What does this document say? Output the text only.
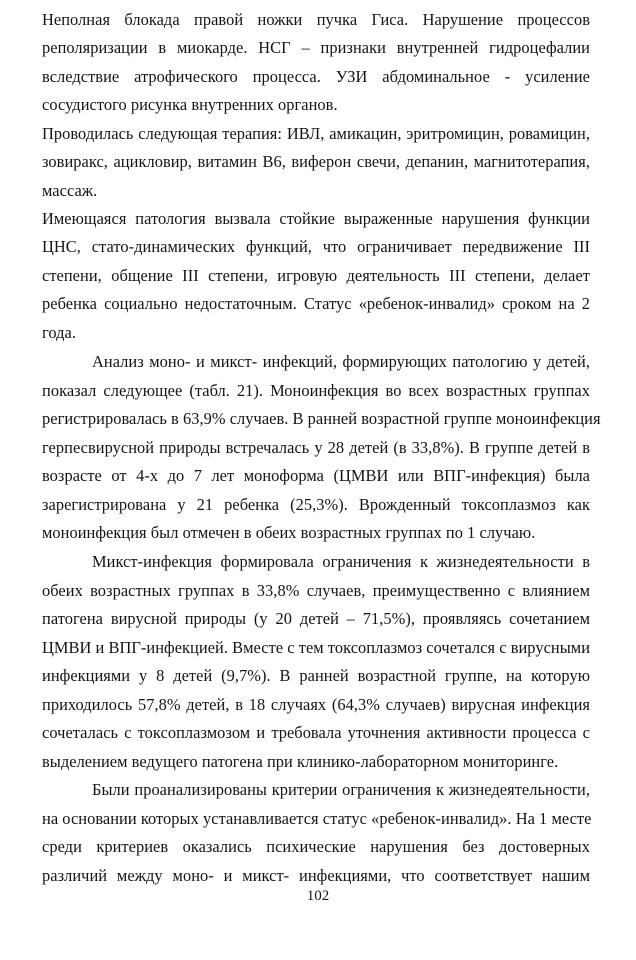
Неполная блокада правой ножки пучка Гиса. Нарушение процессов
реполяризации в миокарде. НСГ – признаки внутренней гидроцефалии
вследствие атрофического процесса. УЗИ абдоминальное - усиление
сосудистого рисунка внутренних органов.
Проводилась следующая терапия: ИВЛ, амикацин, эритромицин, ровамицин,
зовиракс, ацикловир, витамин В6, виферон свечи, депанин, магнитотерапия,
массаж.
Имеющаяся патология вызвала стойкие выраженные нарушения функции
ЦНС, стато-динамических функций, что ограничивает передвижение III
степени, общение III степени, игровую деятельность III степени, делает
ребенка социально недостаточным. Статус «ребенок-инвалид» сроком на 2
года.
Анализ моно- и микст- инфекций, формирующих патологию у детей,
показал следующее (табл. 21). Моноинфекция во всех возрастных группах
регистрировалась в 63,9% случаев. В ранней возрастной группе моноинфекция
герпесвирусной природы встречалась у 28 детей (в 33,8%). В группе детей в
возрасте от 4-х до 7 лет моноформа (ЦМВИ или ВПГ-инфекция) была
зарегистрирована у 21 ребенка (25,3%). Врожденный токсоплазмоз как
моноинфекция был отмечен в обеих возрастных группах по 1 случаю.
Микст-инфекция формировала ограничения к жизнедеятельности в
обеих возрастных группах в 33,8% случаев, преимущественно с влиянием
патогена вирусной природы (у 20 детей – 71,5%), проявляясь сочетанием
ЦМВИ и ВПГ-инфекцией. Вместе с тем токсоплазмоз сочетался с вирусными
инфекциями у 8 детей (9,7%). В ранней возрастной группе, на которую
приходилось 57,8% детей, в 18 случаях (64,3% случаев) вирусная инфекция
сочеталась с токсоплазмозом и требовала уточнения активности процесса с
выделением ведущего патогена при клинико-лабораторном мониторинге.
Были проанализированы критерии ограничения к жизнедеятельности,
на основании которых устанавливается статус «ребенок-инвалид». На 1 месте
среди критериев оказались психические нарушения без достоверных
различий между моно- и микст- инфекциями, что соответствует нашим
102
